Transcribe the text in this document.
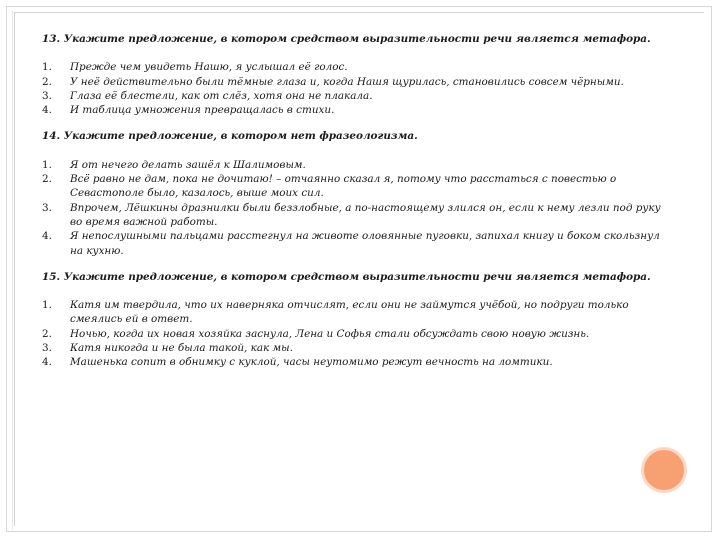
13. Укажите предложение, в котором средством выразительности речи является метафора.

1.	Прежде чем увидеть Нашю, я услышал её голос.
2.	У неё действительно были тёмные глаза и, когда Нашя щурилась, становились совсем чёрными.
3.	Глаза её блестели, как от слёз, хотя она не плакала.
4.	И таблица умножения превращалась в стихи.

14. Укажите предложение, в котором нет фразеологизма.

1.	Я от нечего делать зашёл к Шалимовым.
2.	Всё равно не дам, пока не дочитаю! – отчаянно сказал я, потому что расстаться с повестью о Севастополе было, казалось, выше моих сил.
3.	Впрочем, Лёшкины дразнилки были беззлобные, а по-настоящему злился он, если к нему лезли под руку во время важной работы.
4.	Я непослушными пальцами расстегнул на животе оловянные пуговки, запихал книгу и боком скользнул на кухню.

15. Укажите предложение, в котором средством выразительности речи является метафора.

1.	Катя им твердила, что их наверняка отчислят, если они не займутся учёбой, но подруги только смеялись ей в ответ.
2.	Ночью, когда их новая хозяйка заснула, Лена и Софья стали обсуждать свою новую жизнь.
3.	Катя никогда и не была такой, как мы.
4.	Машенька сопит в обнимку с куклой, часы неутомимо режут вечность на ломтики.
